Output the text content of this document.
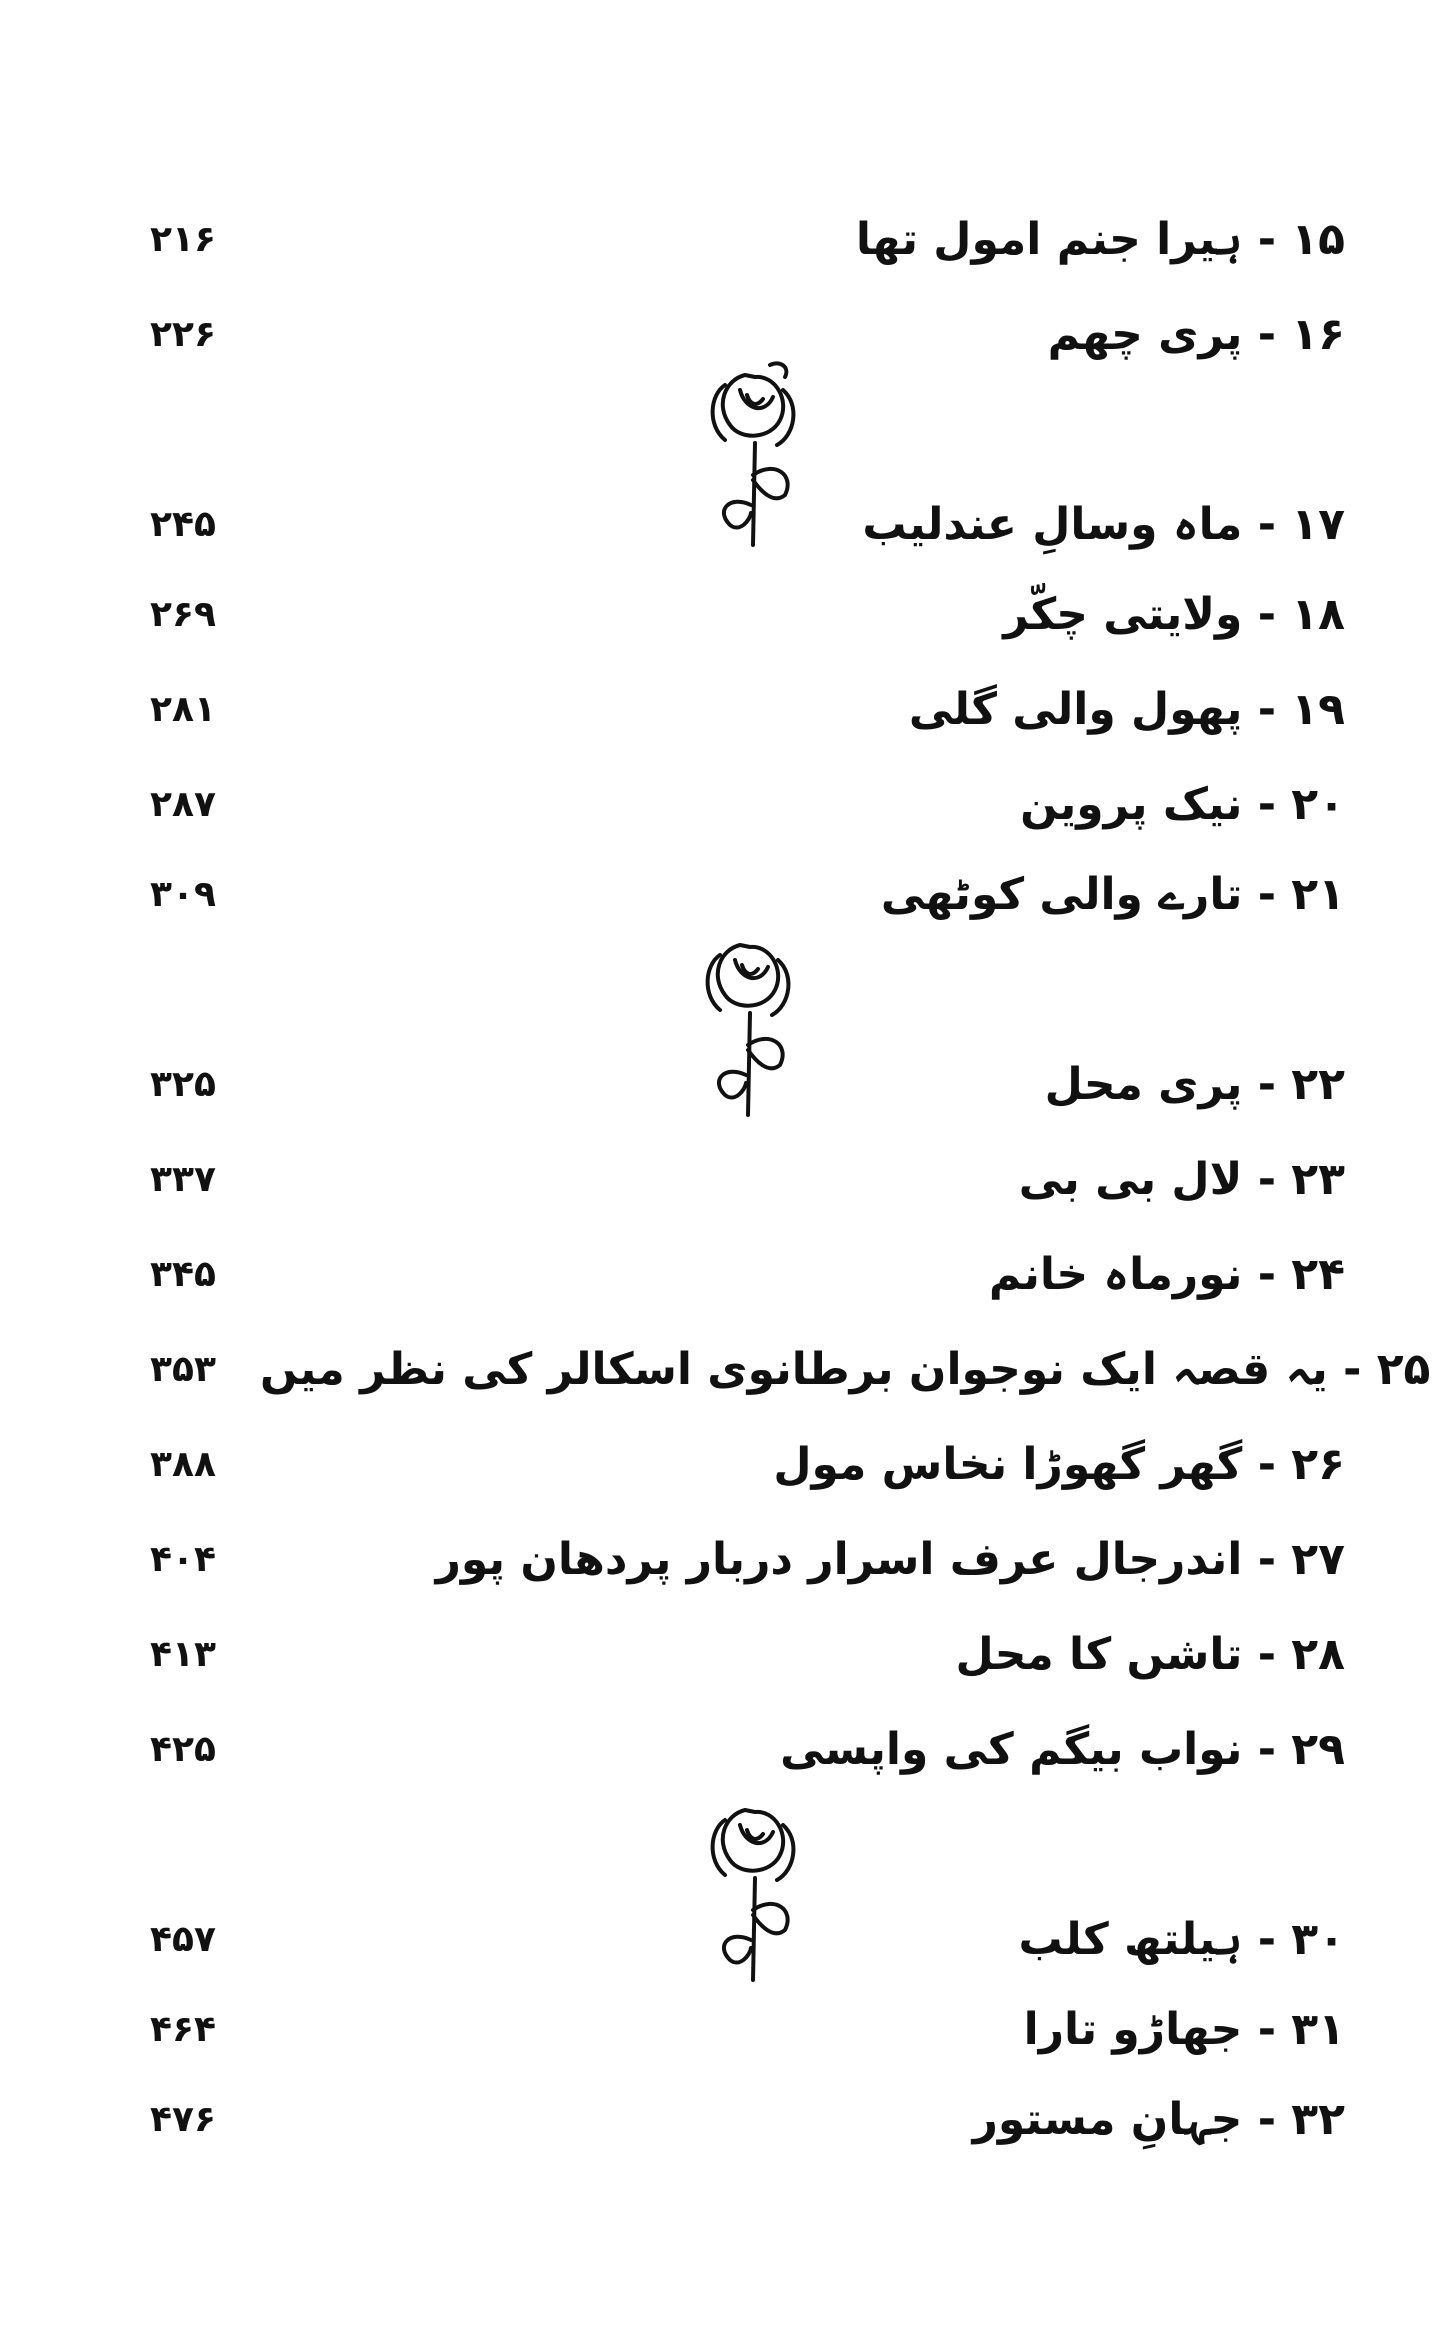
۲۱۶	۱۵ - ہیرا جنم امول تھا
۲۲۶	۱۶ - پری چھم
۲۴۵	۱۷ - ماہ وسالِ عندلیب
۲۶۹	۱۸ - ولایتی چکّر
۲۸۱	۱۹ - پھول والی گلی
۲۸۷	۲۰ - نیک پروین
۳۰۹	۲۱ - تارے والی کوٹھی
۳۲۵	۲۲ - پری محل
۳۳۷	۲۳ - لال بی بی
۳۴۵	۲۴ - نورماہ خانم
۳۵۳	۲۵ - یہ قصہ ایک نوجوان برطانوی اسکالر کی نظر میں
۳۸۸	۲۶ - گھر گھوڑا نخاس مول
۴۰۴	۲۷ - اندرجال عرف اسرار دربار پردھان پور
۴۱۳	۲۸ - تاشں کا محل
۴۲۵	۲۹ - نواب بیگم کی واپسی
۴۵۷	۳۰ - ہیلتھ کلب
۴۶۴	۳۱ - جھاڑو تارا
۴۷۶	۳۲ - جہانِ مستور
